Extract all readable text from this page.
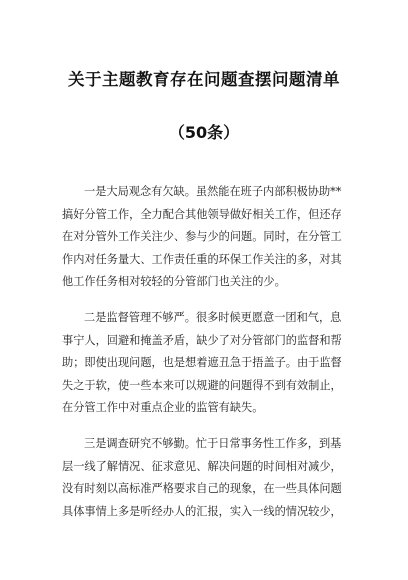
关于主题教育存在问题查摆问题清单
（50条）
一是大局观念有欠缺。虽然能在班子内部积极协助**
搞好分管工作，全力配合其他领导做好相关工作，但还存
在对分管外工作关注少、参与少的问题。同时，在分管工
作内对任务量大、工作责任重的环保工作关注的多，对其
他工作任务相对较轻的分管部门也关注的少。
二是监督管理不够严。很多时候更愿意一团和气，息
事宁人，回避和掩盖矛盾，缺少了对分管部门的监督和帮
助；即使出现问题，也是想着遮丑急于捂盖子。由于监督
失之于软，使一些本来可以规避的问题得不到有效制止，
在分管工作中对重点企业的监管有缺失。
三是调查研究不够勤。忙于日常事务性工作多，到基
层一线了解情况、征求意见、解决问题的时间相对减少，
没有时刻以高标准严格要求自己的现象，在一些具体问题
具体事情上多是听经办人的汇报，实入一线的情况较少，
